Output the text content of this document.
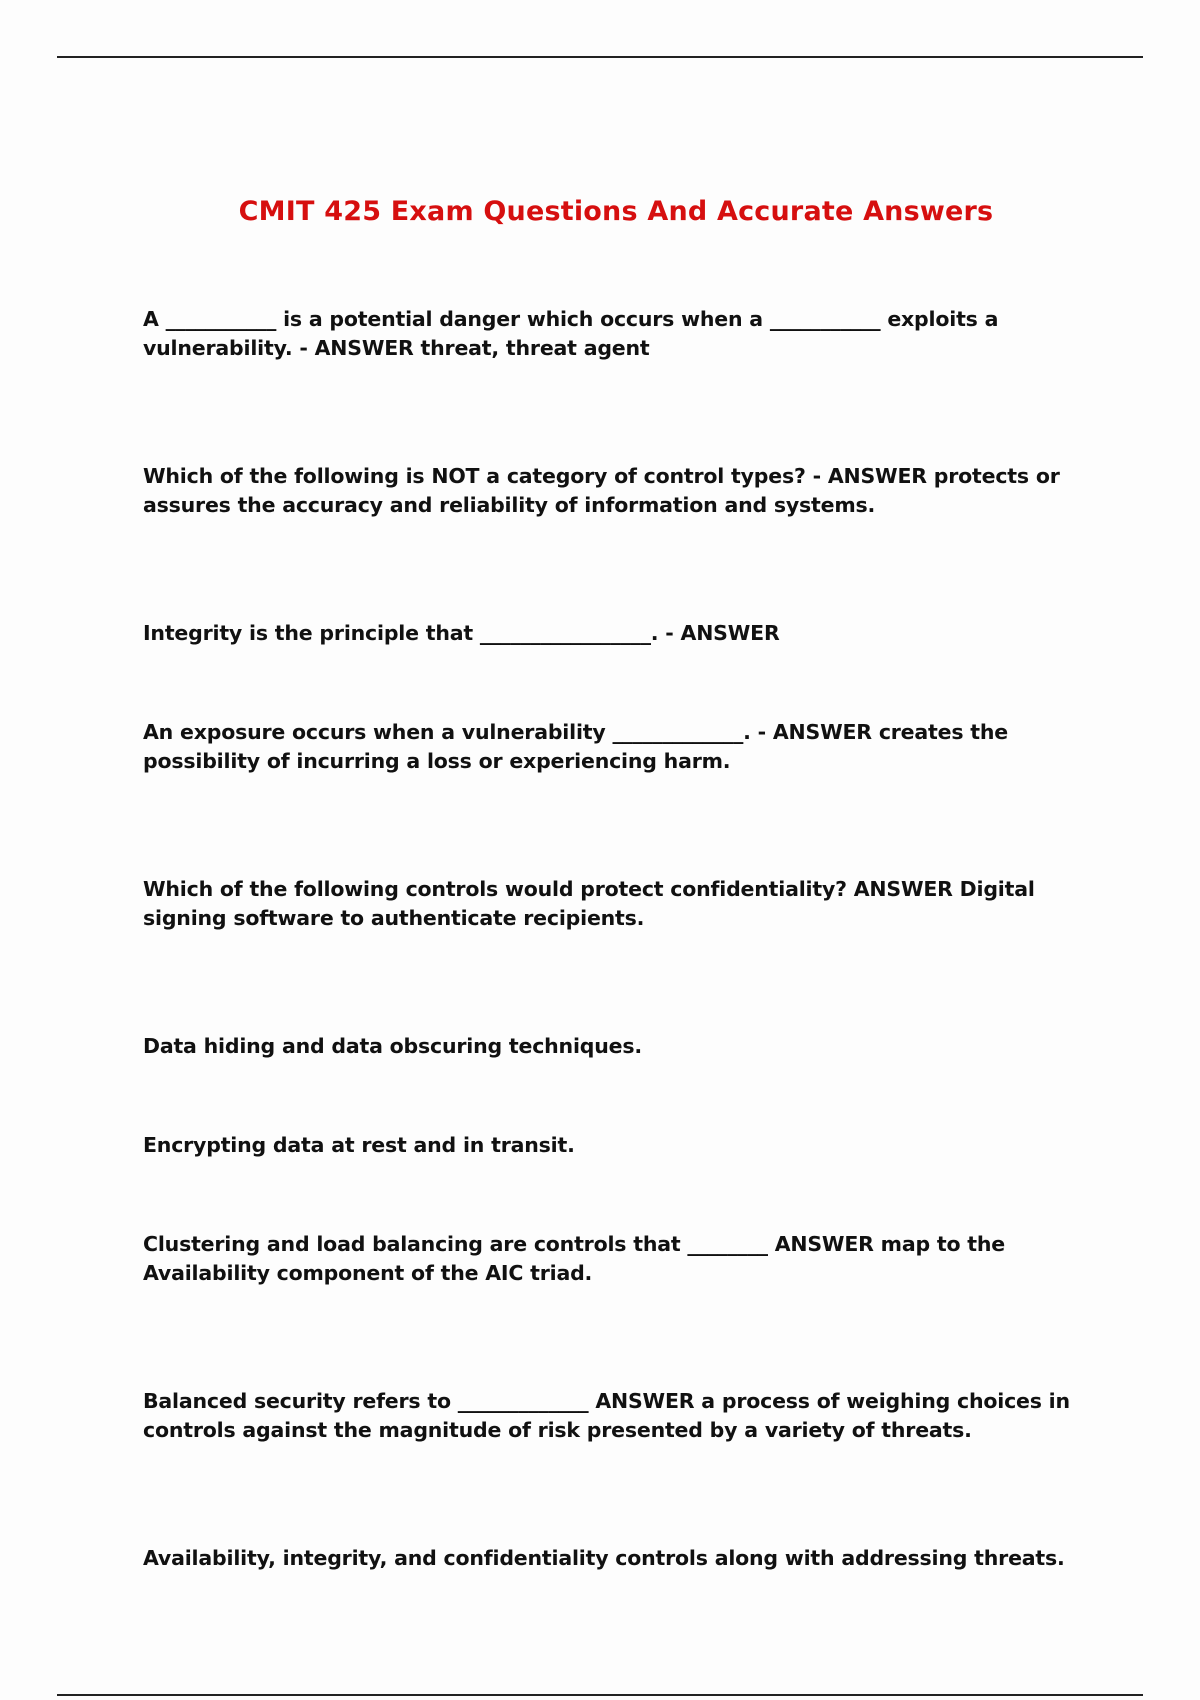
CMIT 425 Exam Questions And Accurate Answers

A ___________ is a potential danger which occurs when a ___________ exploits a vulnerability. - ANSWER threat, threat agent

Which of the following is NOT a category of control types? - ANSWER protects or assures the accuracy and reliability of information and systems.

Integrity is the principle that _________________. - ANSWER

An exposure occurs when a vulnerability _____________. - ANSWER creates the possibility of incurring a loss or experiencing harm.

Which of the following controls would protect confidentiality? ANSWER Digital signing software to authenticate recipients.

Data hiding and data obscuring techniques.

Encrypting data at rest and in transit.

Clustering and load balancing are controls that ________ ANSWER map to the Availability component of the AIC triad.

Balanced security refers to _____________ ANSWER a process of weighing choices in controls against the magnitude of risk presented by a variety of threats.

Availability, integrity, and confidentiality controls along with addressing threats.
